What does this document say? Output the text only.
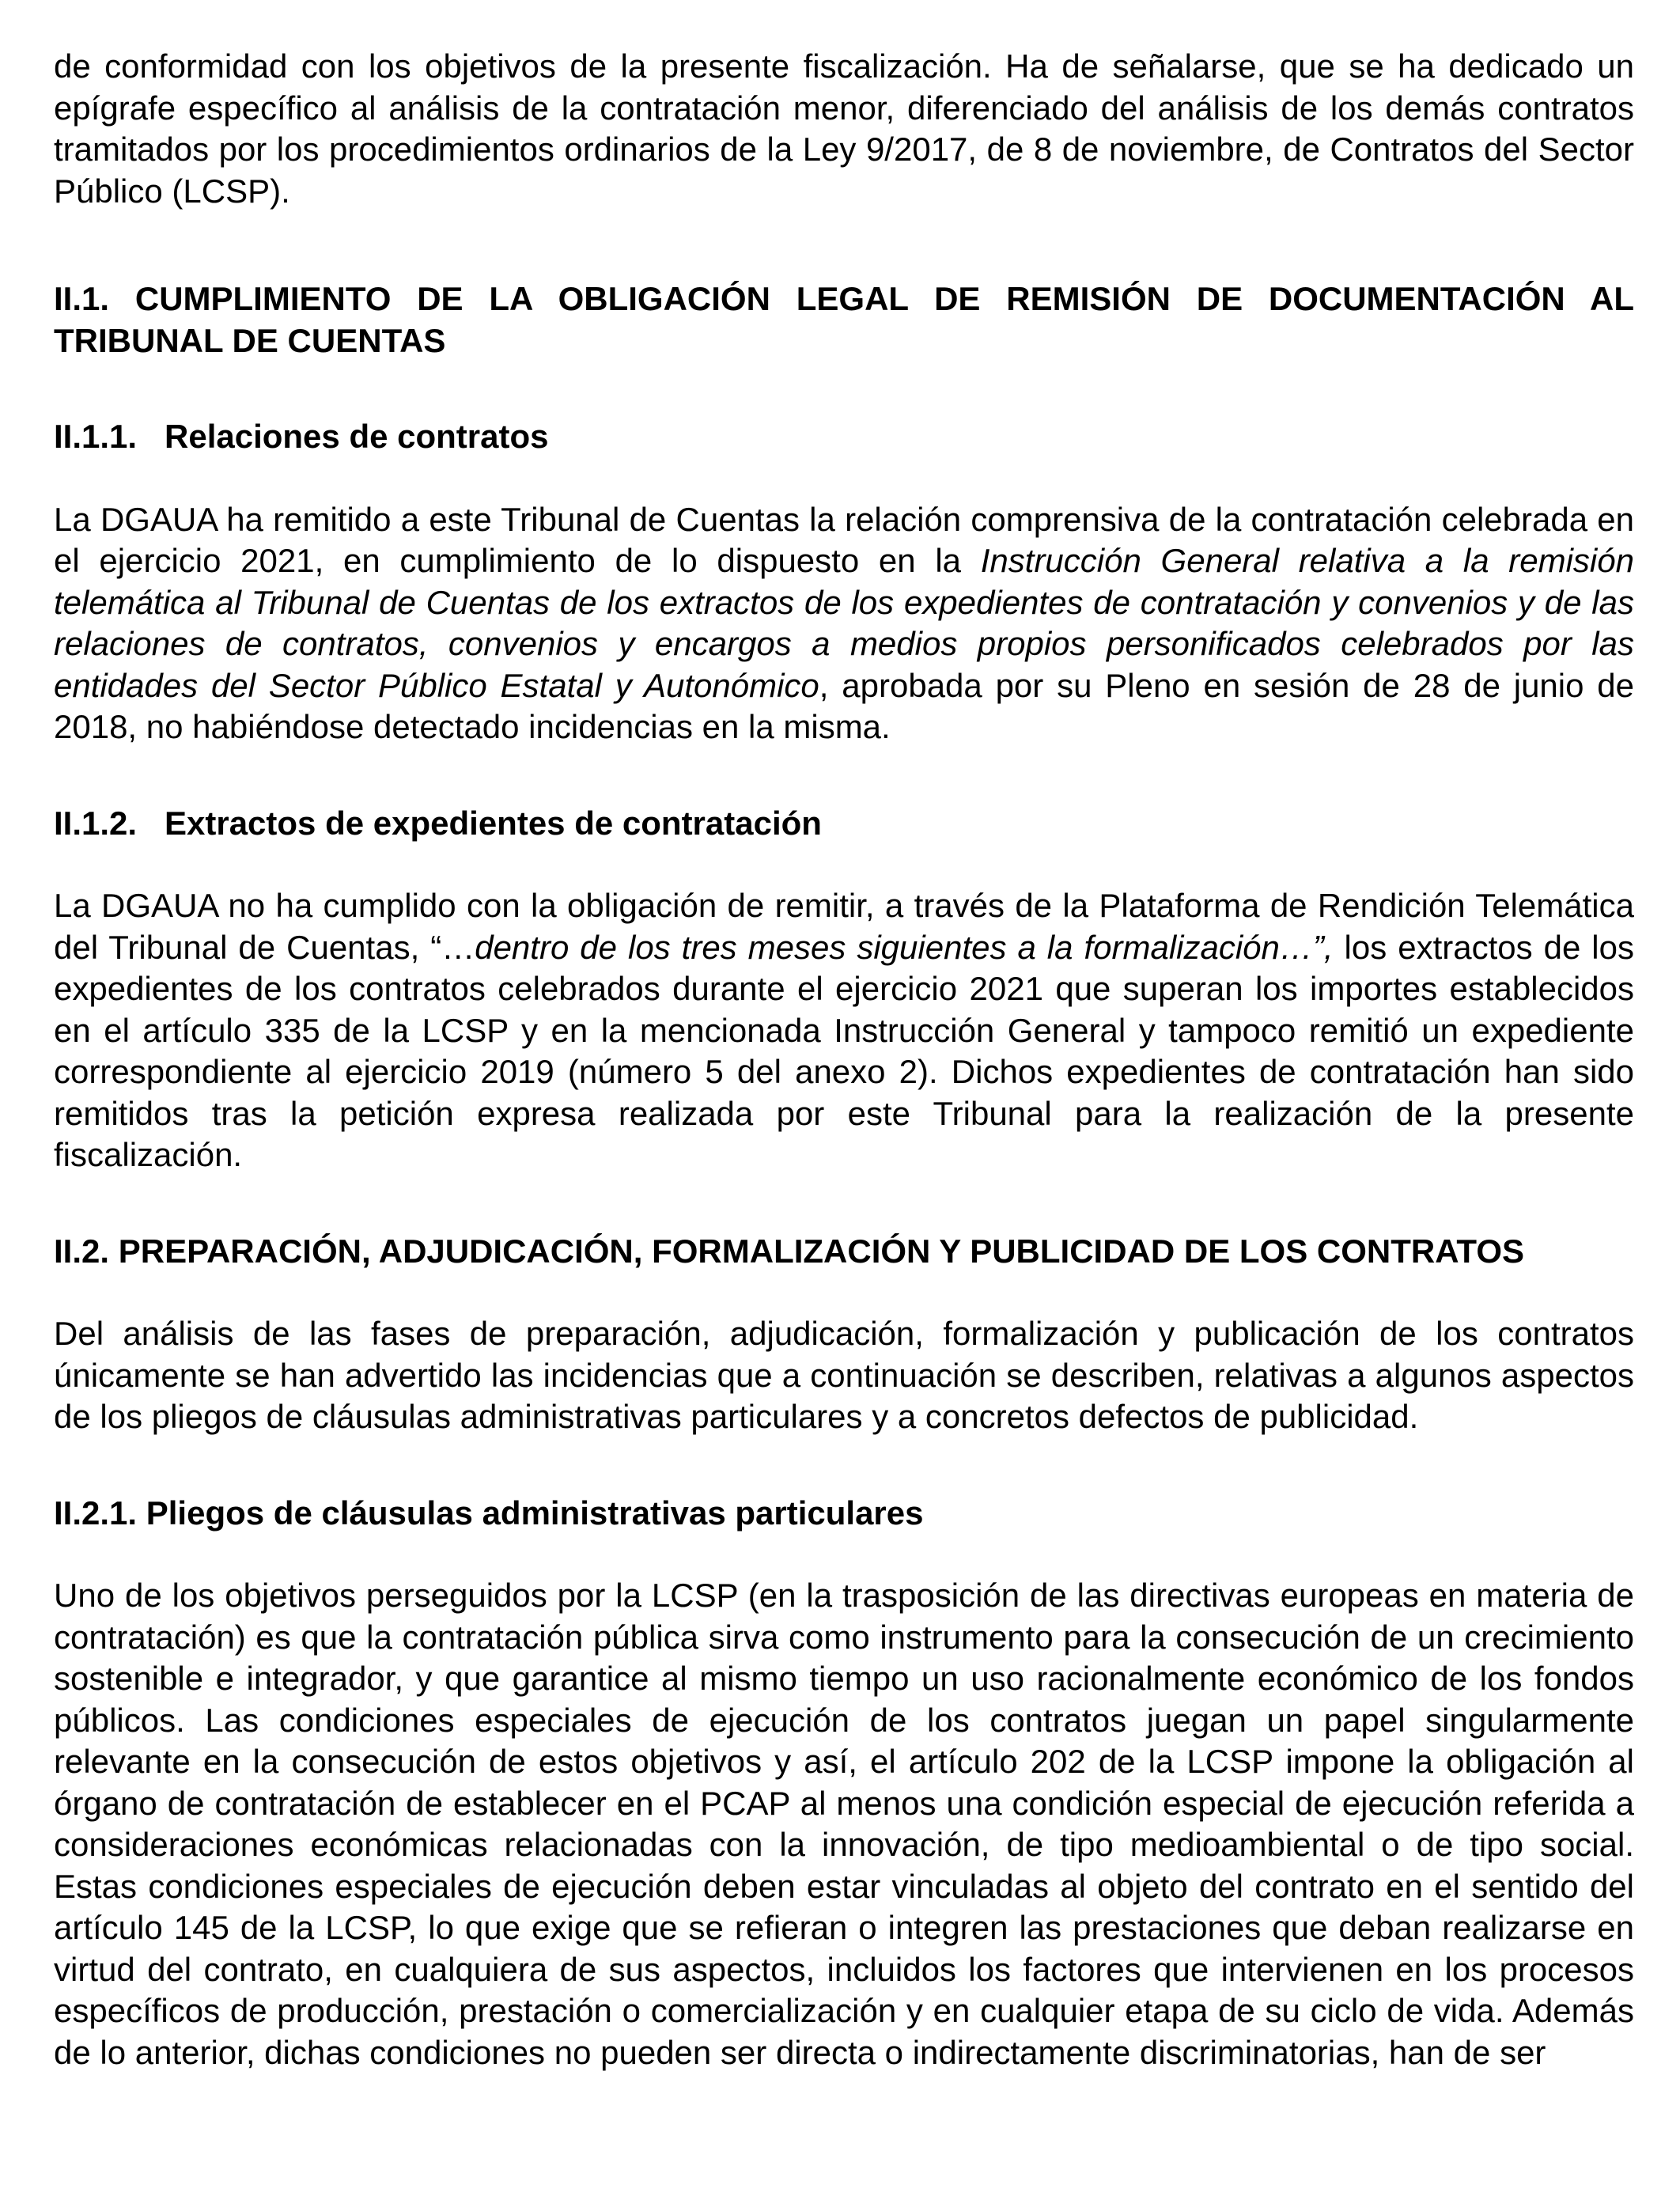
de conformidad con los objetivos de la presente fiscalización. Ha de señalarse, que se ha dedicado un epígrafe específico al análisis de la contratación menor, diferenciado del análisis de los demás contratos tramitados por los procedimientos ordinarios de la Ley 9/2017, de 8 de noviembre, de Contratos del Sector Público (LCSP).

II.1. CUMPLIMIENTO DE LA OBLIGACIÓN LEGAL DE REMISIÓN DE DOCUMENTACIÓN AL TRIBUNAL DE CUENTAS
II.1.1. Relaciones de contratos

La DGAUA ha remitido a este Tribunal de Cuentas la relación comprensiva de la contratación celebrada en el ejercicio 2021, en cumplimiento de lo dispuesto en la Instrucción General relativa a la remisión telemática al Tribunal de Cuentas de los extractos de los expedientes de contratación y convenios y de las relaciones de contratos, convenios y encargos a medios propios personificados celebrados por las entidades del Sector Público Estatal y Autonómico, aprobada por su Pleno en sesión de 28 de junio de 2018, no habiéndose detectado incidencias en la misma.

II.1.2. Extractos de expedientes de contratación

La DGAUA no ha cumplido con la obligación de remitir, a través de la Plataforma de Rendición Telemática del Tribunal de Cuentas, “…dentro de los tres meses siguientes a la formalización…”, los extractos de los expedientes de los contratos celebrados durante el ejercicio 2021 que superan los importes establecidos en el artículo 335 de la LCSP y en la mencionada Instrucción General y tampoco remitió un expediente correspondiente al ejercicio 2019 (número 5 del anexo 2). Dichos expedientes de contratación han sido remitidos tras la petición expresa realizada por este Tribunal para la realización de la presente fiscalización.

II.2. PREPARACIÓN, ADJUDICACIÓN, FORMALIZACIÓN Y PUBLICIDAD DE LOS CONTRATOS

Del análisis de las fases de preparación, adjudicación, formalización y publicación de los contratos únicamente se han advertido las incidencias que a continuación se describen, relativas a algunos aspectos de los pliegos de cláusulas administrativas particulares y a concretos defectos de publicidad.

II.2.1. Pliegos de cláusulas administrativas particulares

Uno de los objetivos perseguidos por la LCSP (en la trasposición de las directivas europeas en materia de contratación) es que la contratación pública sirva como instrumento para la consecución de un crecimiento sostenible e integrador, y que garantice al mismo tiempo un uso racionalmente económico de los fondos públicos. Las condiciones especiales de ejecución de los contratos juegan un papel singularmente relevante en la consecución de estos objetivos y así, el artículo 202 de la LCSP impone la obligación al órgano de contratación de establecer en el PCAP al menos una condición especial de ejecución referida a consideraciones económicas relacionadas con la innovación, de tipo medioambiental o de tipo social. Estas condiciones especiales de ejecución deben estar vinculadas al objeto del contrato en el sentido del artículo 145 de la LCSP, lo que exige que se refieran o integren las prestaciones que deban realizarse en virtud del contrato, en cualquiera de sus aspectos, incluidos los factores que intervienen en los procesos específicos de producción, prestación o comercialización y en cualquier etapa de su ciclo de vida. Además de lo anterior, dichas condiciones no pueden ser directa o indirectamente discriminatorias, han de ser
